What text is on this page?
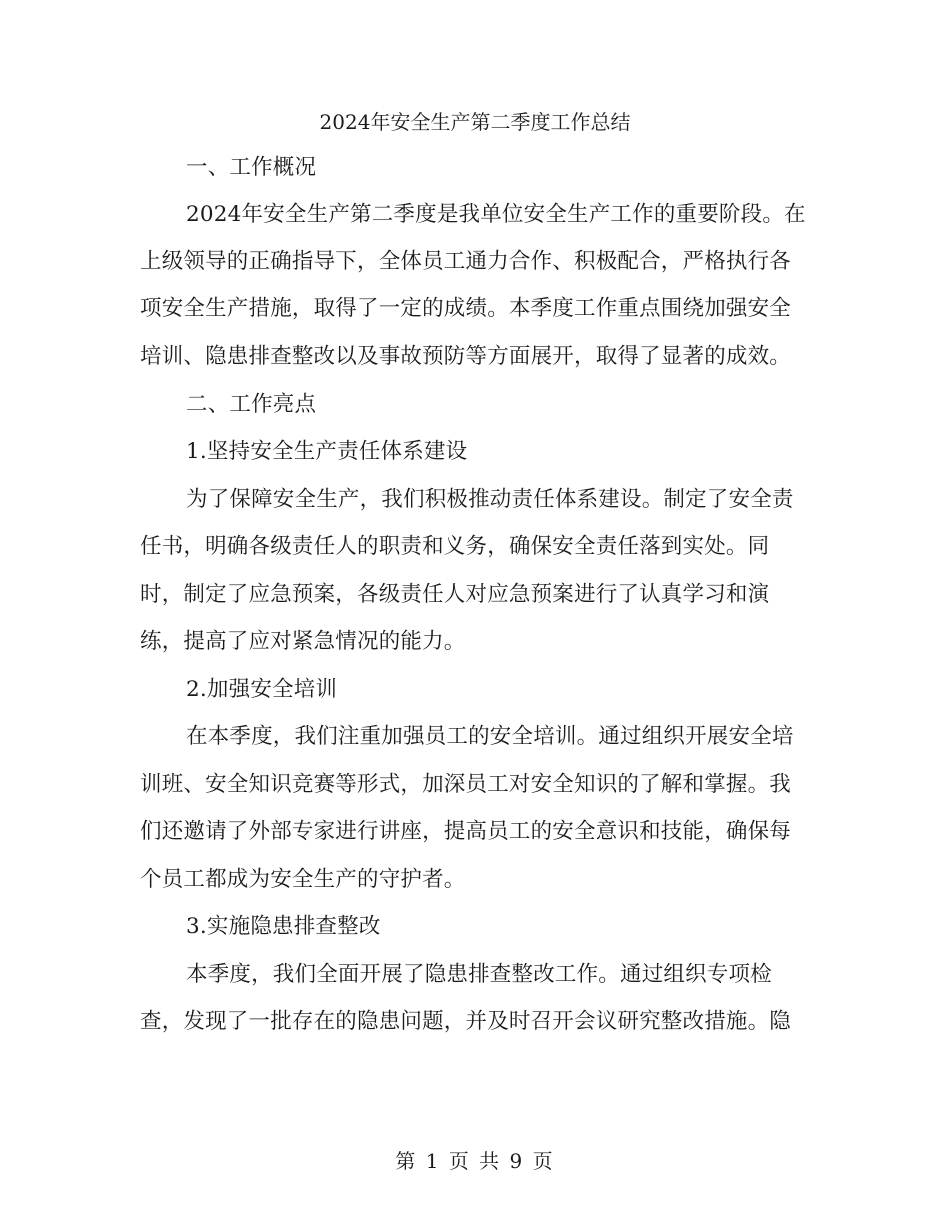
2024年安全生产第二季度工作总结
一、工作概况
2024年安全生产第二季度是我单位安全生产工作的重要阶段。在
上级领导的正确指导下，全体员工通力合作、积极配合，严格执行各
项安全生产措施，取得了一定的成绩。本季度工作重点围绕加强安全
培训、隐患排查整改以及事故预防等方面展开，取得了显著的成效。
二、工作亮点
1.坚持安全生产责任体系建设
为了保障安全生产，我们积极推动责任体系建设。制定了安全责
任书，明确各级责任人的职责和义务，确保安全责任落到实处。同
时，制定了应急预案，各级责任人对应急预案进行了认真学习和演
练，提高了应对紧急情况的能力。
2.加强安全培训
在本季度，我们注重加强员工的安全培训。通过组织开展安全培
训班、安全知识竞赛等形式，加深员工对安全知识的了解和掌握。我
们还邀请了外部专家进行讲座，提高员工的安全意识和技能，确保每
个员工都成为安全生产的守护者。
3.实施隐患排查整改
本季度，我们全面开展了隐患排查整改工作。通过组织专项检
查，发现了一批存在的隐患问题，并及时召开会议研究整改措施。隐
第 1 页 共 9 页
